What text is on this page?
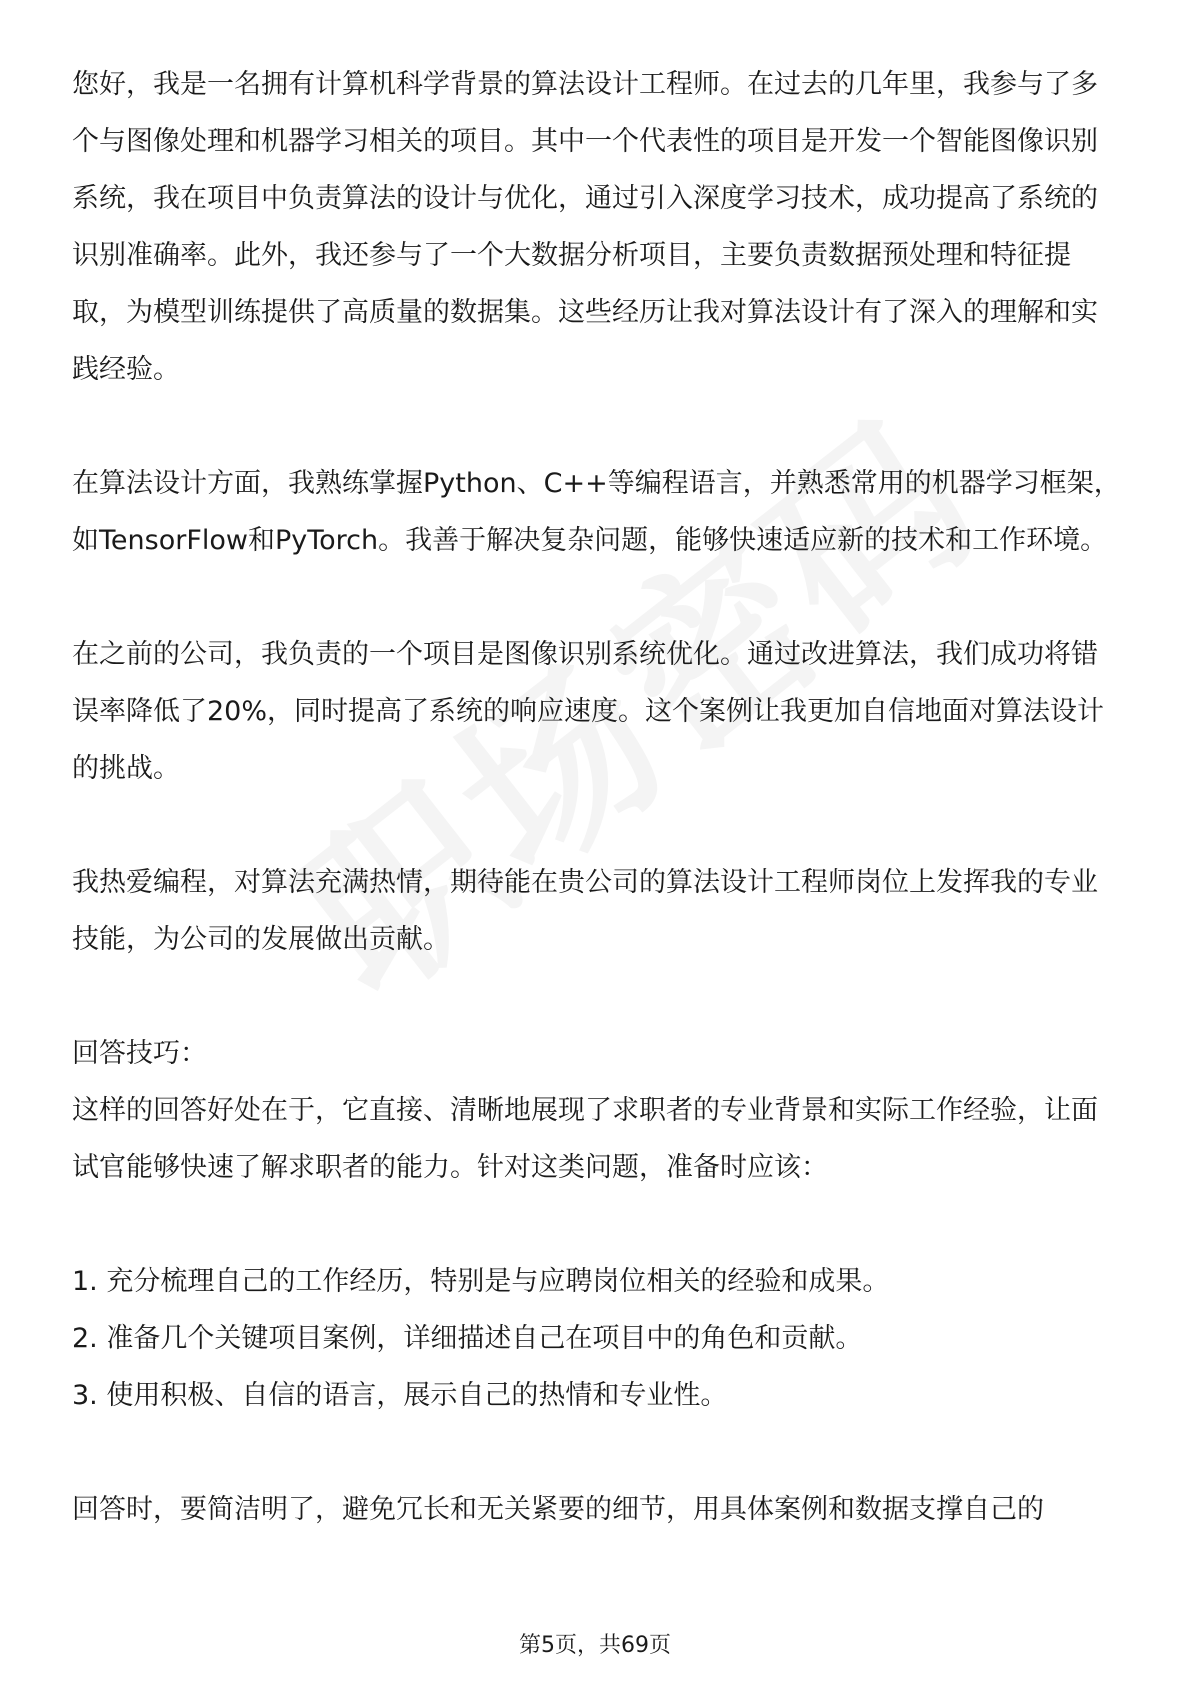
您好，我是一名拥有计算机科学背景的算法设计工程师。在过去的几年里，我参与了多个与图像处理和机器学习相关的项目。其中一个代表性的项目是开发一个智能图像识别系统，我在项目中负责算法的设计与优化，通过引入深度学习技术，成功提高了系统的识别准确率。此外，我还参与了一个大数据分析项目，主要负责数据预处理和特征提取，为模型训练提供了高质量的数据集。这些经历让我对算法设计有了深入的理解和实践经验。

在算法设计方面，我熟练掌握Python、C++等编程语言，并熟悉常用的机器学习框架，如TensorFlow和PyTorch。我善于解决复杂问题，能够快速适应新的技术和工作环境。

在之前的公司，我负责的一个项目是图像识别系统优化。通过改进算法，我们成功将错误率降低了20%，同时提高了系统的响应速度。这个案例让我更加自信地面对算法设计的挑战。

我热爱编程，对算法充满热情，期待能在贵公司的算法设计工程师岗位上发挥我的专业技能，为公司的发展做出贡献。

回答技巧：

这样的回答好处在于，它直接、清晰地展现了求职者的专业背景和实际工作经验，让面试官能够快速了解求职者的能力。针对这类问题，准备时应该：

1. 充分梳理自己的工作经历，特别是与应聘岗位相关的经验和成果。

2. 准备几个关键项目案例，详细描述自己在项目中的角色和贡献。

3. 使用积极、自信的语言，展示自己的热情和专业性。

回答时，要简洁明了，避免冗长和无关紧要的细节，用具体案例和数据支撑自己的

第5页，共69页
